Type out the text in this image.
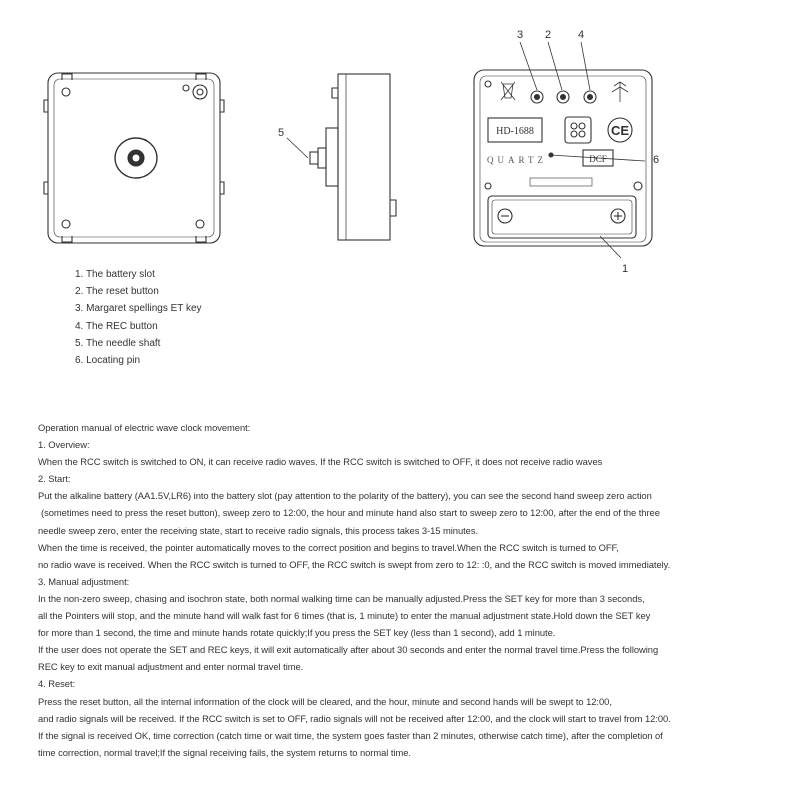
HD-1688
QUARTZ	DCF
CE
3 2 4
6
1
5
1. The battery slot
2. The reset button
3. Margaret spellings ET key
4. The REC button
5. The needle shaft
6. Locating pin
Operation manual of electric wave clock movement:
1. Overview:
When the RCC switch is switched to ON, it can receive radio waves. If the RCC switch is switched to OFF, it does not receive radio waves
2. Start:
Put the alkaline battery (AA1.5V,LR6) into the battery slot (pay attention to the polarity of the battery), you can see the second hand sweep zero action
(sometimes need to press the reset button), sweep zero to 12:00, the hour and minute hand also start to sweep zero to 12:00, after the end of the three
needle sweep zero, enter the receiving state, start to receive radio signals, this process takes 3-15 minutes.
When the time is received, the pointer automatically moves to the correct position and begins to travel.When the RCC switch is turned to OFF,
no radio wave is received. When the RCC switch is turned to OFF, the RCC switch is swept from zero to 12: :0, and the RCC switch is moved immediately.
3. Manual adjustment:
In the non-zero sweep, chasing and isochron state, both normal walking time can be manually adjusted.Press the SET key for more than 3 seconds,
all the Pointers will stop, and the minute hand will walk fast for 6 times (that is, 1 minute) to enter the manual adjustment state.Hold down the SET key
for more than 1 second, the time and minute hands rotate quickly;If you press the SET key (less than 1 second), add 1 minute.
If the user does not operate the SET and REC keys, it will exit automatically after about 30 seconds and enter the normal travel time.Press the following
REC key to exit manual adjustment and enter normal travel time.
4. Reset:
Press the reset button, all the internal information of the clock will be cleared, and the hour, minute and second hands will be swept to 12:00,
and radio signals will be received. If the RCC switch is set to OFF, radio signals will not be received after 12:00, and the clock will start to travel from 12:00.
If the signal is received OK, time correction (catch time or wait time, the system goes faster than 2 minutes, otherwise catch time), after the completion of
time correction, normal travel;If the signal receiving fails, the system returns to normal time.
